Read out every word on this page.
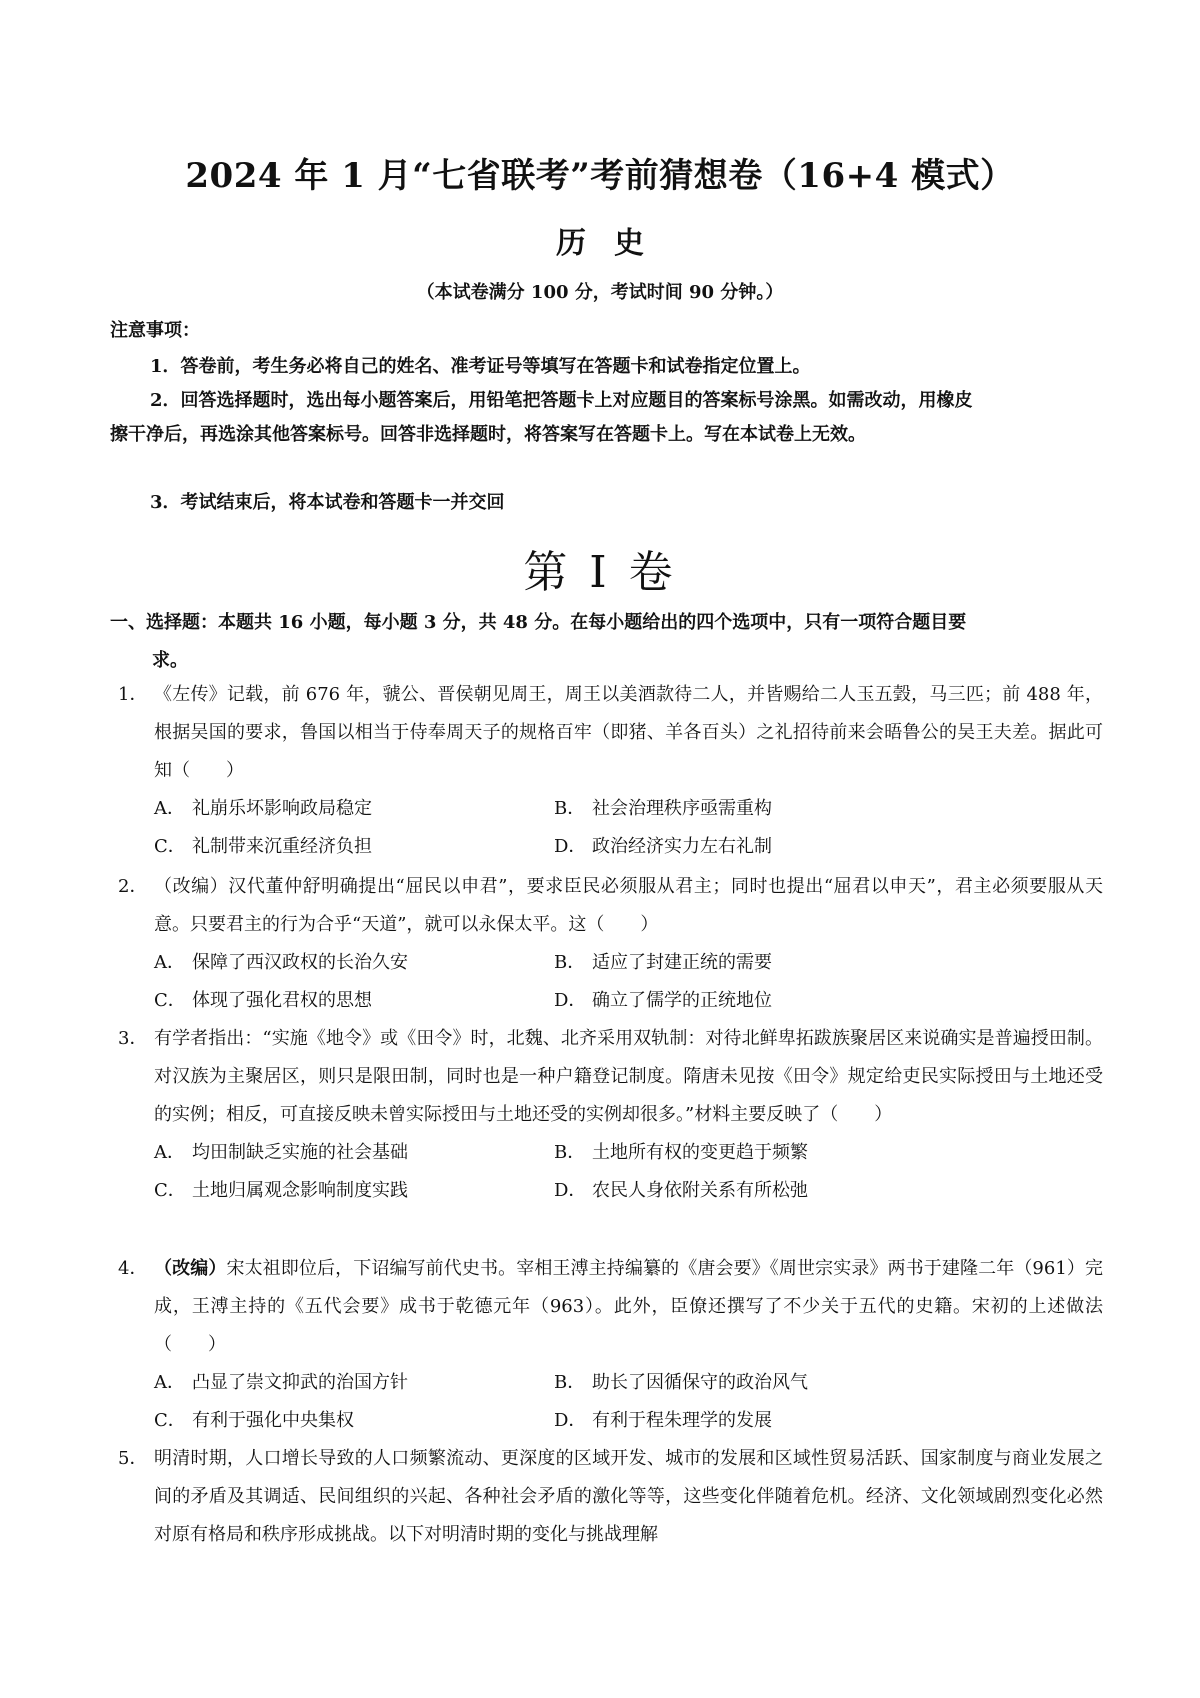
2024 年 1 月“七省联考”考前猜想卷（16+4 模式）
历史
（本试卷满分 100 分，考试时间 90 分钟。）
注意事项：
1．答卷前，考生务必将自己的姓名、准考证号等填写在答题卡和试卷指定位置上。
2．回答选择题时，选出每小题答案后，用铅笔把答题卡上对应题目的答案标号涂黑。如需改动，用橡皮擦干净后，再选涂其他答案标号。回答非选择题时，将答案写在答题卡上。写在本试卷上无效。
3．考试结束后，将本试卷和答题卡一并交回
第 I 卷
一、选择题：本题共 16 小题，每小题 3 分，共 48 分。在每小题给出的四个选项中，只有一项符合题目要
求。
1． 《左传》记载，前 676 年，虢公、晋侯朝见周王，周王以美酒款待二人，并皆赐给二人玉五瑴，马三匹；前 488 年，根据吴国的要求，鲁国以相当于侍奉周天子的规格百牢（即猪、羊各百头）之礼招待前来会晤鲁公的吴王夫差。据此可知（　　）
A． 礼崩乐坏影响政局稳定	B． 社会治理秩序亟需重构
C． 礼制带来沉重经济负担	D． 政治经济实力左右礼制
2． （改编）汉代董仲舒明确提出“屈民以申君”，要求臣民必须服从君主；同时也提出“屈君以申天”，君主必须要服从天意。只要君主的行为合乎“天道”，就可以永保太平。这（　　）
A． 保障了西汉政权的长治久安	B． 适应了封建正统的需要
C． 体现了强化君权的思想	D． 确立了儒学的正统地位
3． 有学者指出：“实施《地令》或《田令》时，北魏、北齐采用双轨制：对待北鲜卑拓跋族聚居区来说确实是普遍授田制。对汉族为主聚居区，则只是限田制，同时也是一种户籍登记制度。隋唐未见按《田令》规定给吏民实际授田与土地还受的实例；相反，可直接反映未曾实际授田与土地还受的实例却很多。”材料主要反映了（　　）
A． 均田制缺乏实施的社会基础	B． 土地所有权的变更趋于频繁
C． 土地归属观念影响制度实践	D． 农民人身依附关系有所松弛
4． （改编）宋太祖即位后，下诏编写前代史书。宰相王溥主持编纂的《唐会要》《周世宗实录》两书于建隆二年（961）完成，王溥主持的《五代会要》成书于乾德元年（963）。此外，臣僚还撰写了不少关于五代的史籍。宋初的上述做法（　　）
A． 凸显了崇文抑武的治国方针	B． 助长了因循保守的政治风气
C． 有利于强化中央集权	D． 有利于程朱理学的发展
5． 明清时期，人口增长导致的人口频繁流动、更深度的区域开发、城市的发展和区域性贸易活跃、国家制度与商业发展之间的矛盾及其调适、民间组织的兴起、各种社会矛盾的激化等等，这些变化伴随着危机。经济、文化领域剧烈变化必然对原有格局和秩序形成挑战。以下对明清时期的变化与挑战理解
